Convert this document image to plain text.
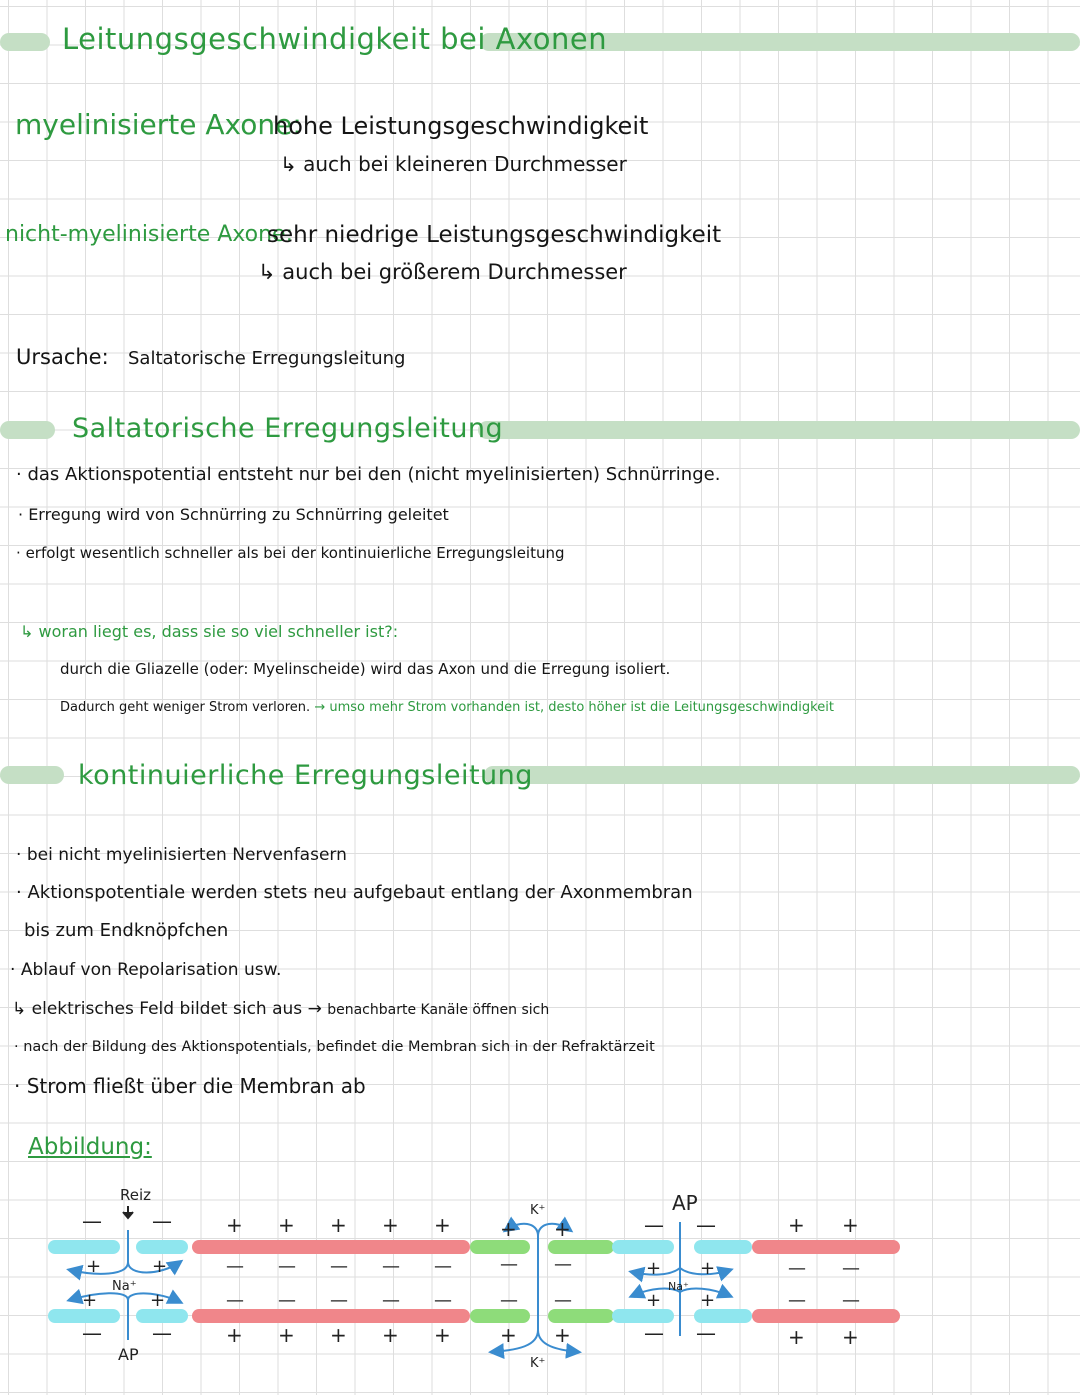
Leitungsgeschwindigkeit bei Axonen
myelinisierte Axone:
hohe Leistungsgeschwindigkeit
↳ auch bei kleineren Durchmesser
nicht-myelinisierte Axone:
sehr niedrige Leistungsgeschwindigkeit
↳ auch bei größerem Durchmesser
Ursache: Saltatorische Erregungsleitung
Saltatorische Erregungsleitung
· das Aktionspotential entsteht nur bei den (nicht myelinisierten) Schnürringe.
· Erregung wird von Schnürring zu Schnürring geleitet
· erfolgt wesentlich schneller als bei der kontinuierliche Erregungsleitung
↳ woran liegt es, dass sie so viel schneller ist?:
durch die Gliazelle (oder: Myelinscheide) wird das Axon und die Erregung isoliert.
Dadurch geht weniger Strom verloren. → umso mehr Strom vorhanden ist, desto höher ist die Leitungsgeschwindigkeit
kontinuierliche Erregungsleitung
· bei nicht myelinisierten Nervenfasern
· Aktionspotentiale werden stets neu aufgebaut entlang der Axonmembran
bis zum Endknöpfchen
· Ablauf von Repolarisation usw.
↳ elektrisches Feld bildet sich aus → benachbarte Kanäle öffnen sich
· nach der Bildung des Aktionspotentials, befindet die Membran sich in der Refraktärzeit
· Strom fließt über die Membran ab
Abbildung:
Reiz
AP
AP
Na⁺	Na⁺
K⁺
K⁺
—	—	+ + + + + + +	— —	+ +
+	+	— — — — —	— —	+ +	— —
+	+	— — — — —	— —	+ +	— —
—	—	+ + + + + + +	— —	+ +
